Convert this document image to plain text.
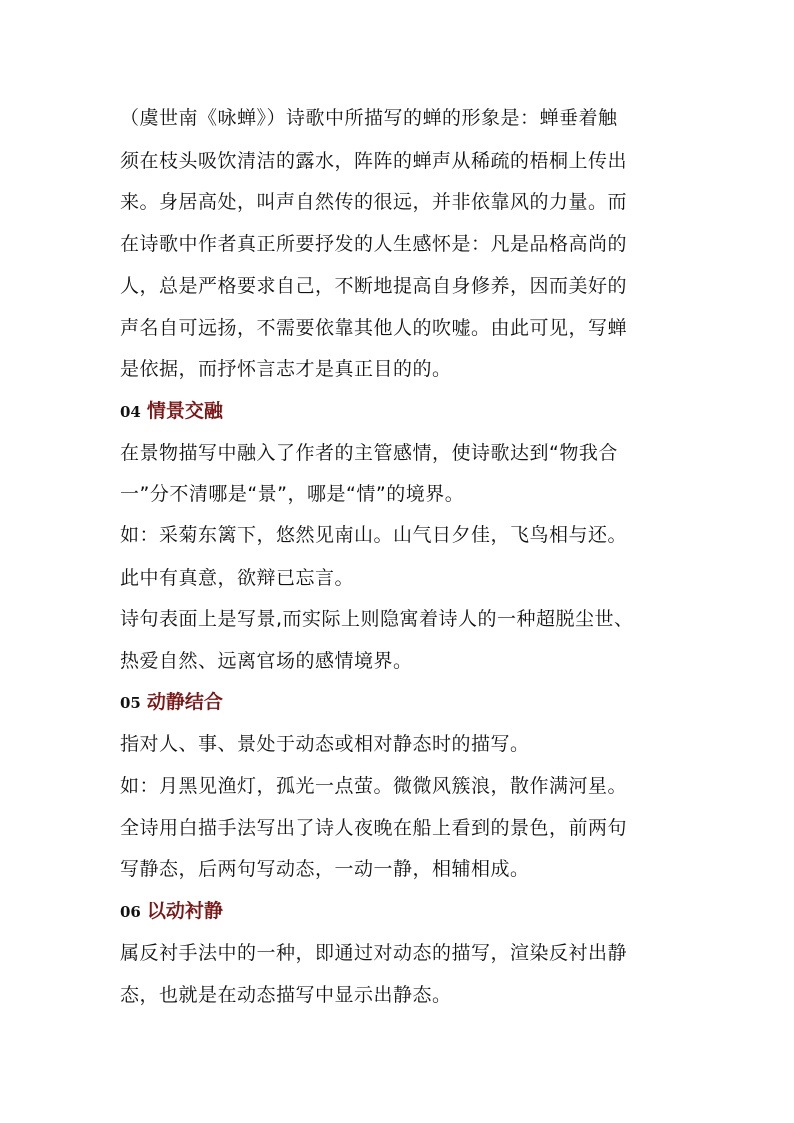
（虞世南《咏蝉》）诗歌中所描写的蝉的形象是：蝉垂着触
须在枝头吸饮清洁的露水，阵阵的蝉声从稀疏的梧桐上传出
来。身居高处，叫声自然传的很远，并非依靠风的力量。而
在诗歌中作者真正所要抒发的人生感怀是：凡是品格高尚的
人，总是严格要求自己，不断地提高自身修养，因而美好的
声名自可远扬，不需要依靠其他人的吹嘘。由此可见，写蝉
是依据，而抒怀言志才是真正目的的。
04 情景交融
在景物描写中融入了作者的主管感情，使诗歌达到“物我合
一”分不清哪是“景”，哪是“情”的境界。
如：采菊东篱下，悠然见南山。山气日夕佳，飞鸟相与还。
此中有真意，欲辩已忘言。
诗句表面上是写景,而实际上则隐寓着诗人的一种超脱尘世、
热爱自然、远离官场的感情境界。
05 动静结合
指对人、事、景处于动态或相对静态时的描写。
如：月黑见渔灯，孤光一点萤。微微风簇浪，散作满河星。
全诗用白描手法写出了诗人夜晚在船上看到的景色，前两句
写静态，后两句写动态，一动一静，相辅相成。
06 以动衬静
属反衬手法中的一种，即通过对动态的描写，渲染反衬出静
态，也就是在动态描写中显示出静态。
